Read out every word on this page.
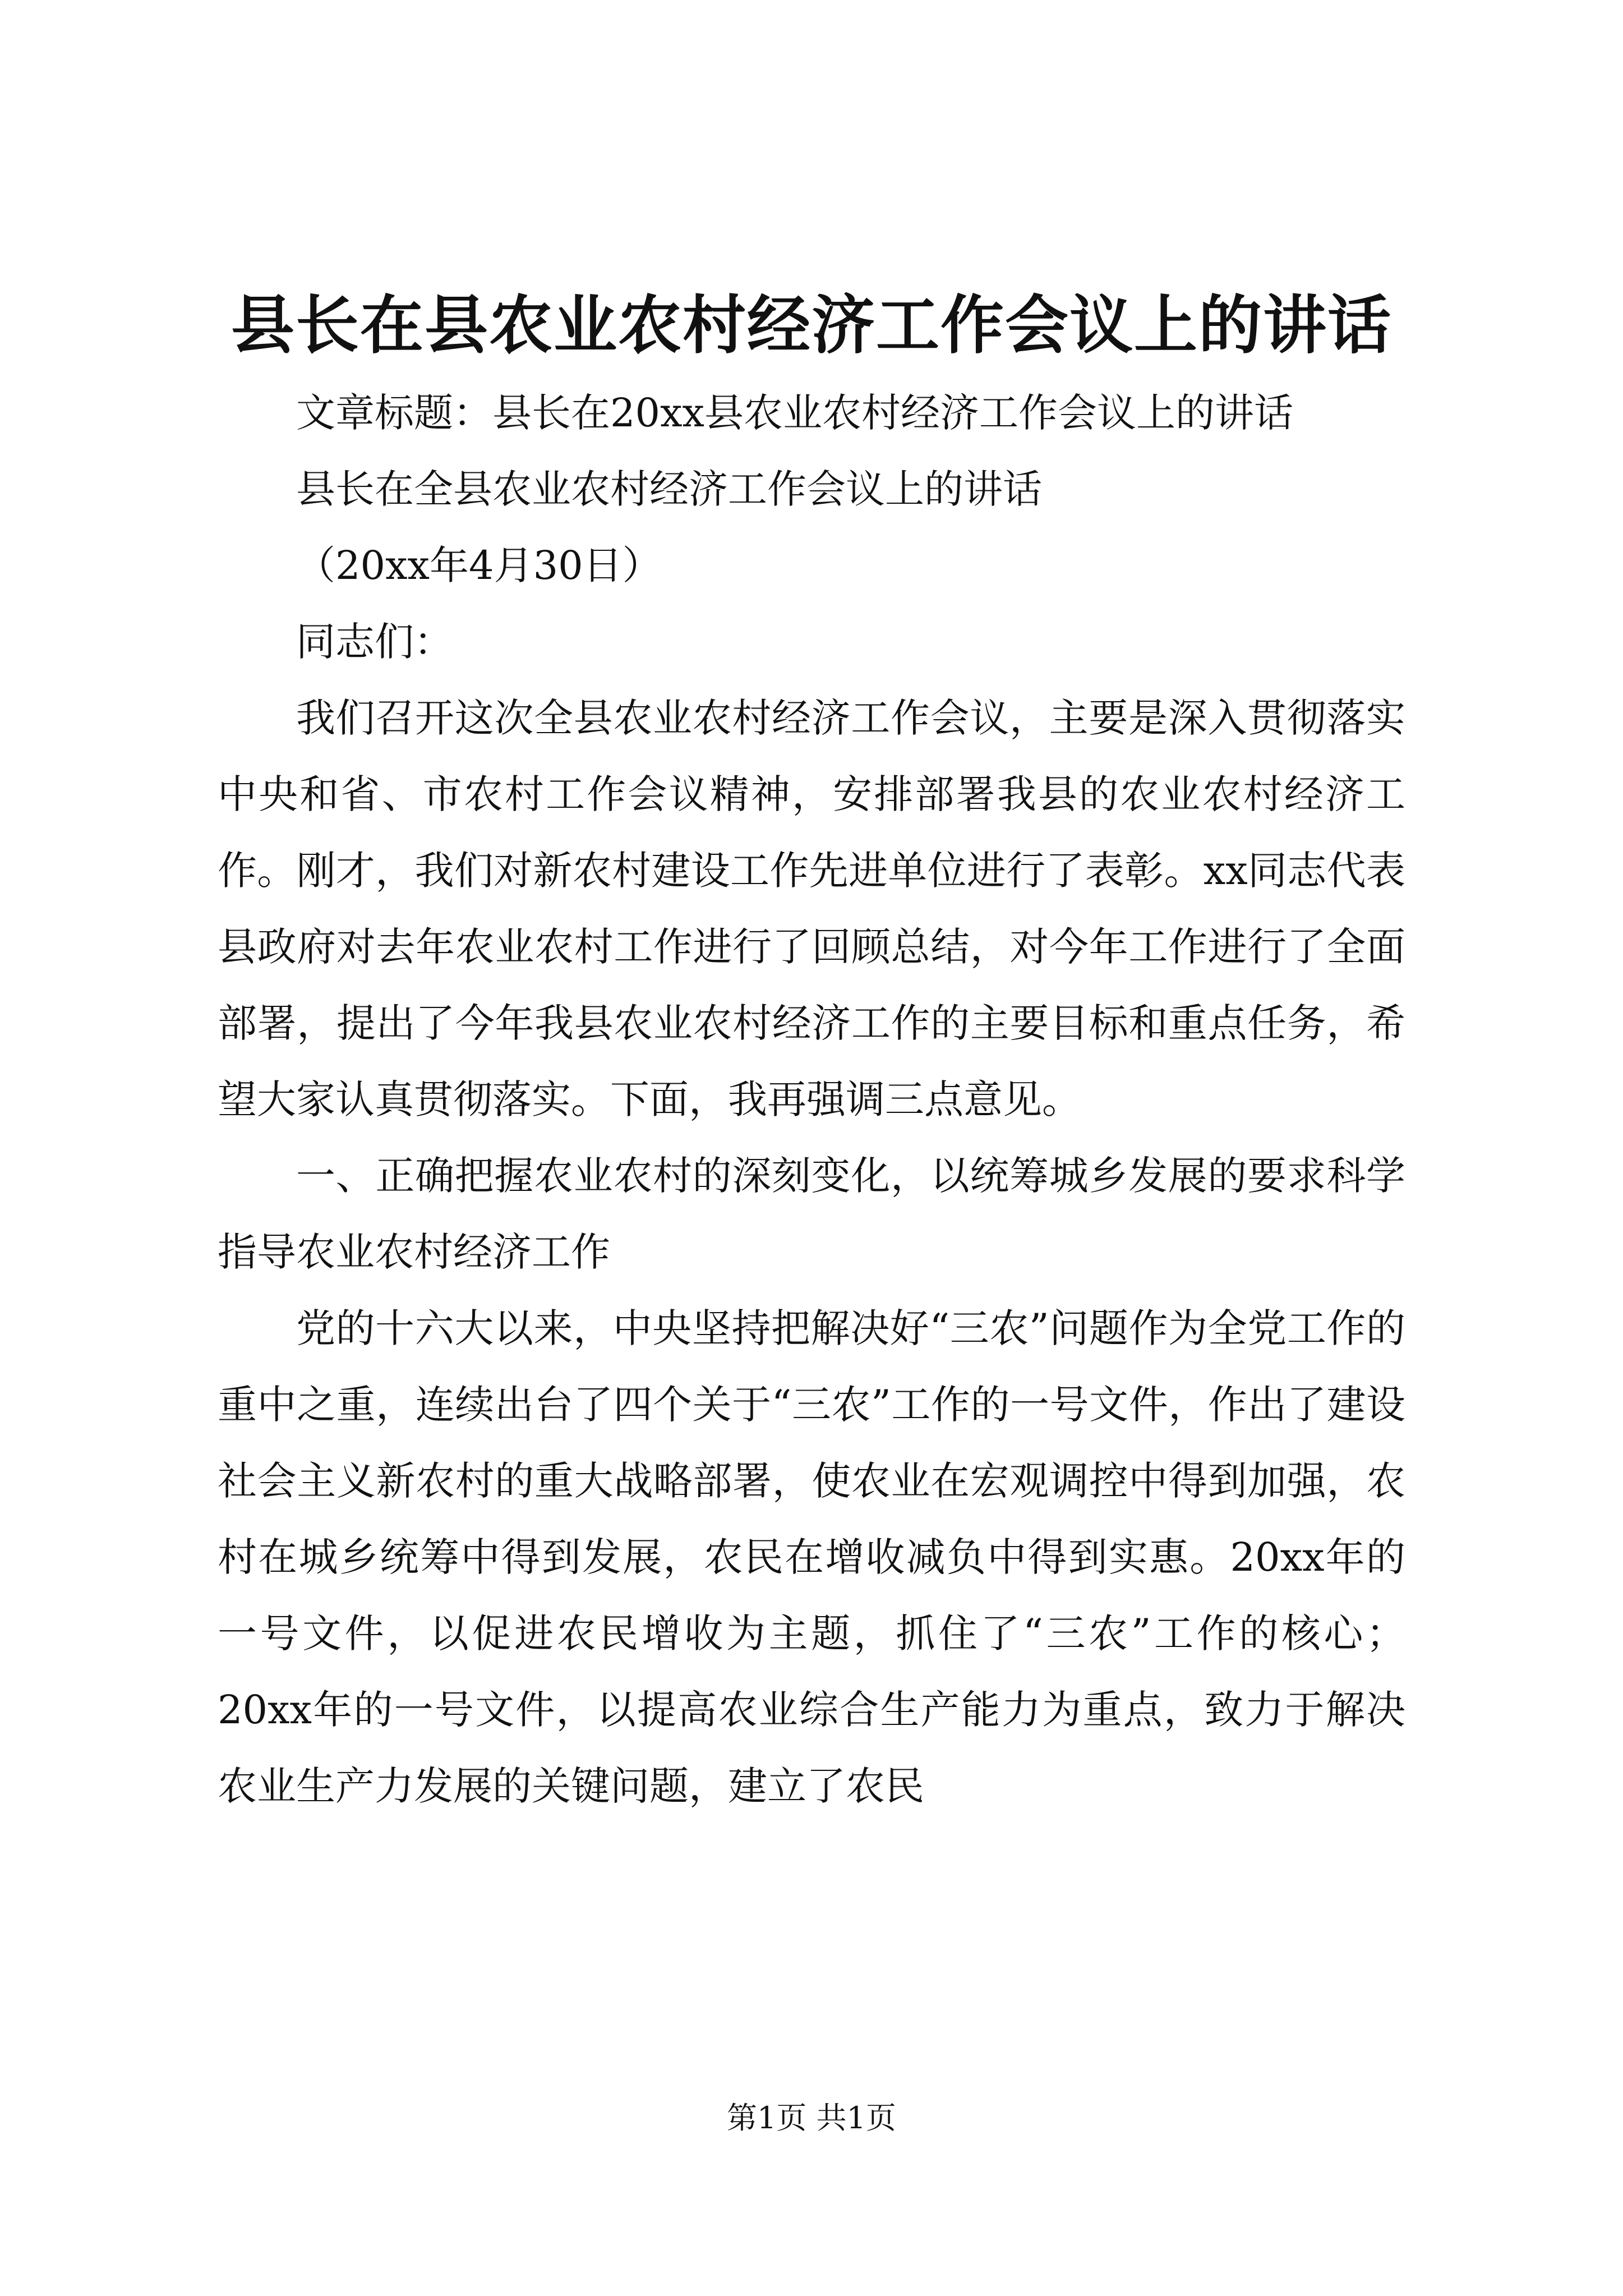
县长在县农业农村经济工作会议上的讲话

文章标题：县长在20xx县农业农村经济工作会议上的讲话

县长在全县农业农村经济工作会议上的讲话

（20xx年4月30日）

同志们：

我们召开这次全县农业农村经济工作会议，主要是深入贯彻落实中央和省、市农村工作会议精神，安排部署我县的农业农村经济工作。刚才，我们对新农村建设工作先进单位进行了表彰。xx同志代表县政府对去年农业农村工作进行了回顾总结，对今年工作进行了全面部署，提出了今年我县农业农村经济工作的主要目标和重点任务，希望大家认真贯彻落实。下面，我再强调三点意见。

一、正确把握农业农村的深刻变化，以统筹城乡发展的要求科学指导农业农村经济工作

党的十六大以来，中央坚持把解决好“三农”问题作为全党工作的重中之重，连续出台了四个关于“三农”工作的一号文件，作出了建设社会主义新农村的重大战略部署，使农业在宏观调控中得到加强，农村在城乡统筹中得到发展，农民在增收减负中得到实惠。20xx年的一号文件，以促进农民增收为主题，抓住了“三农”工作的核心；20xx年的一号文件，以提高农业综合生产能力为重点，致力于解决农业生产力发展的关键问题，建立了农民

第1页 共1页
